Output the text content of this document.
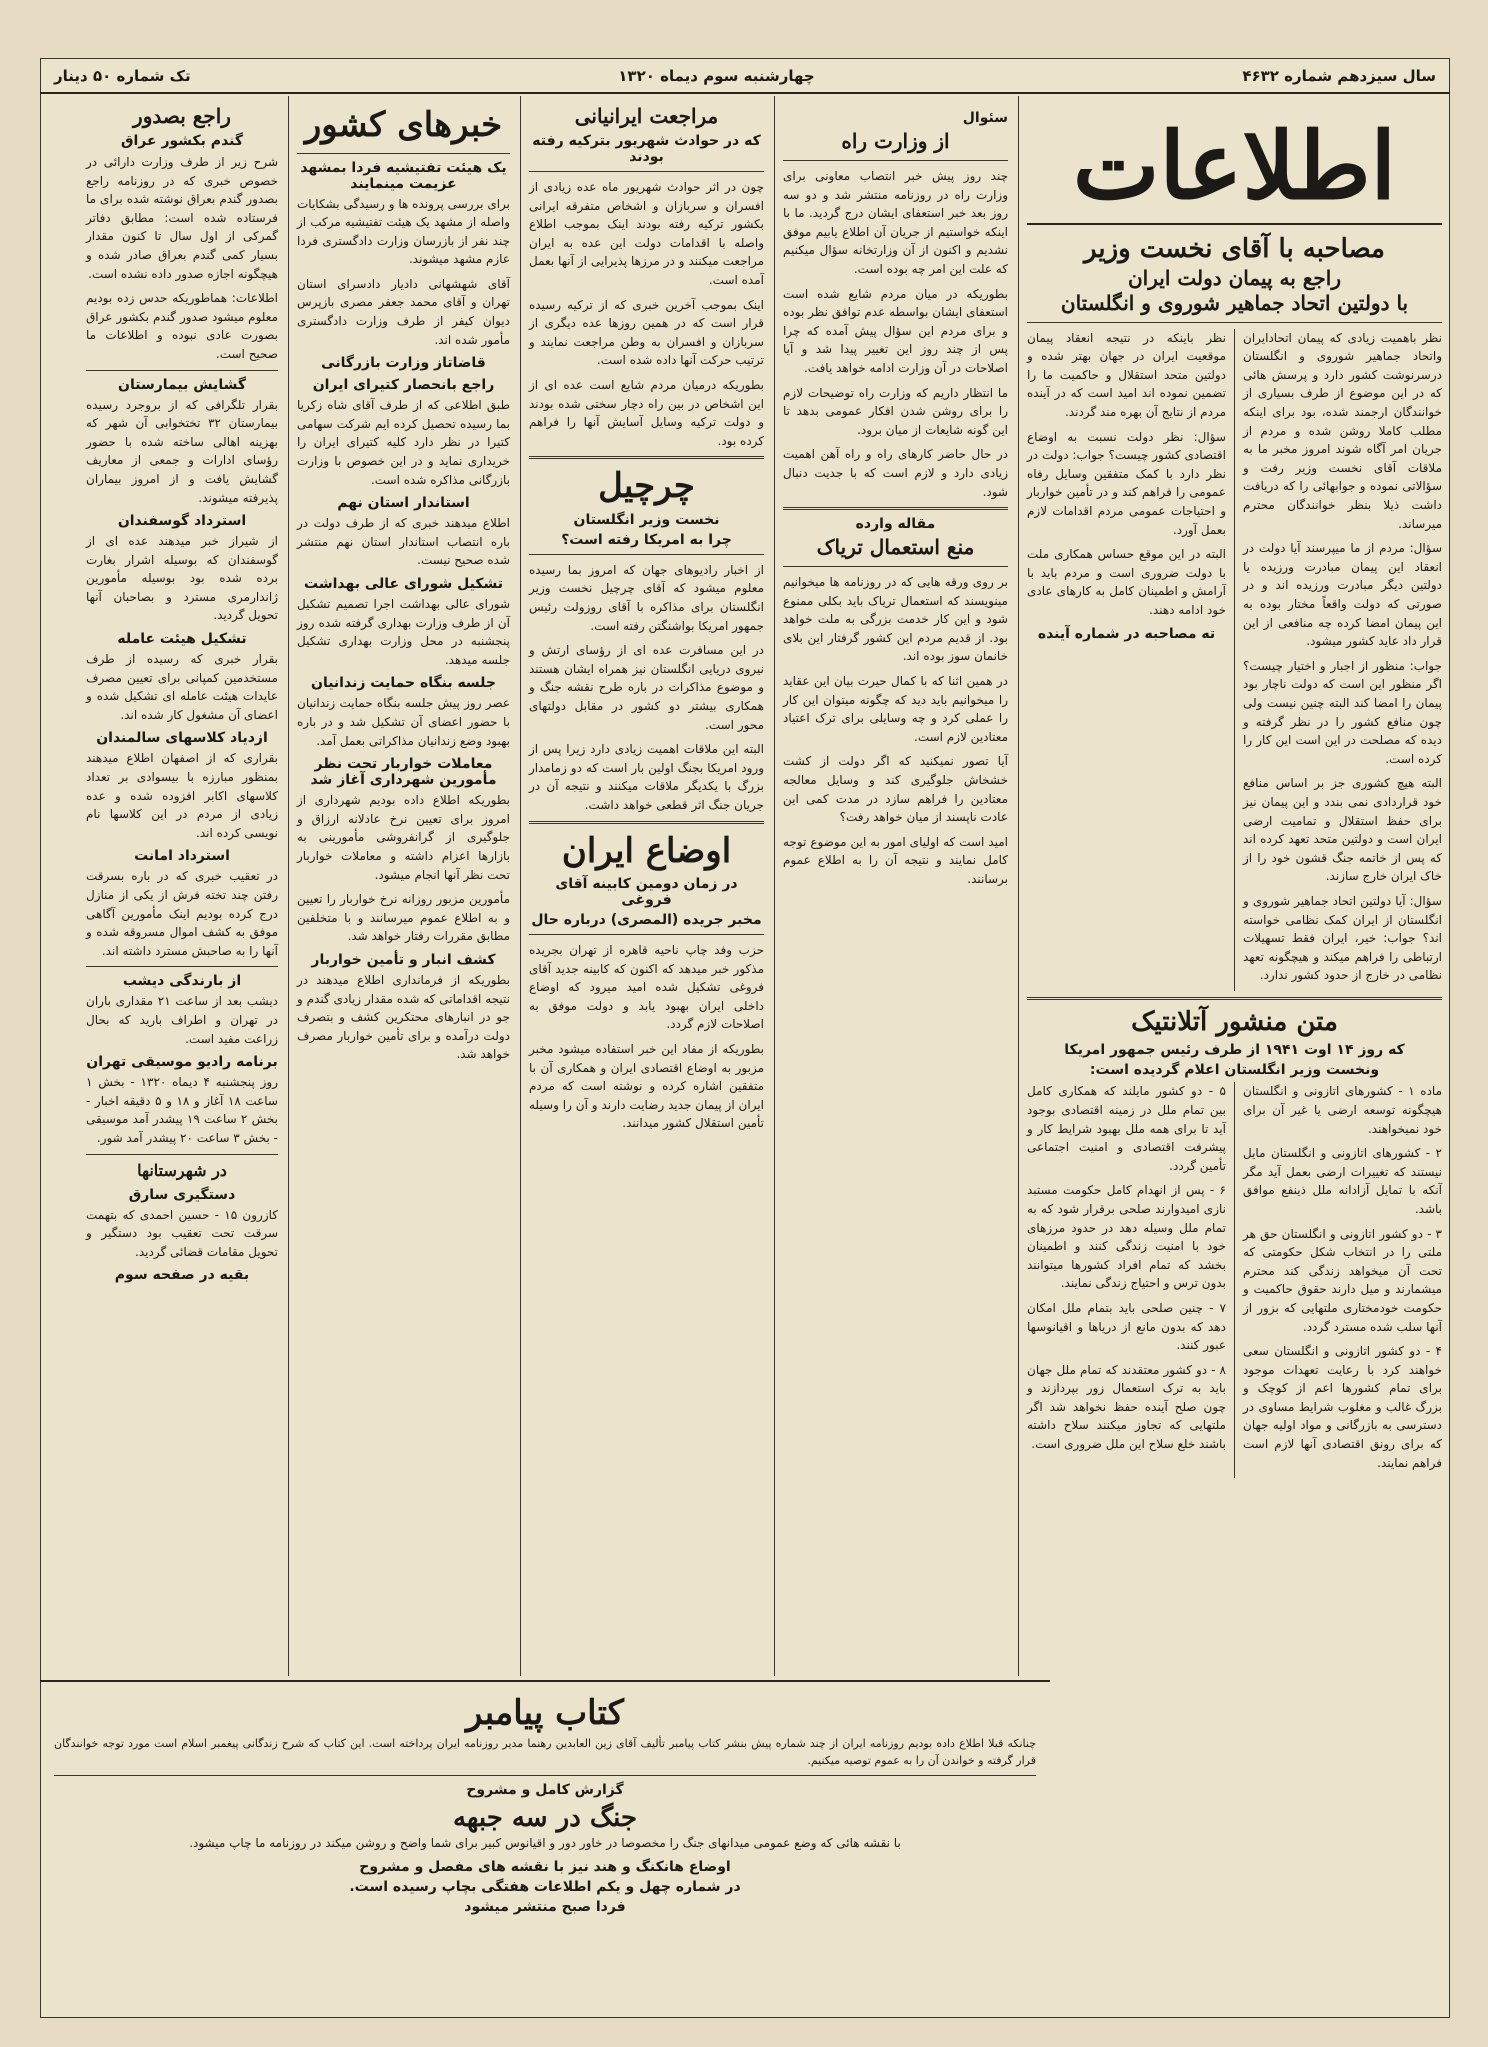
سال سیزدهم شماره ۴۶۳۲
چهارشنبه سوم دیماه ۱۳۲۰
تک شماره ۵۰ دینار
اطلاعات
مصاحبه با آقای نخست وزیر
راجع به پیمان دولت ایران
با دولتین اتحاد جماهیر شوروی و انگلستان

نظر باهمیت زیادی که پیمان اتحادایران واتحاد جماهیر شوروی و انگلستان درسرنوشت کشور دارد و پرسش هائی که در این موضوع از طرف بسیاری از خوانندگان ارجمند شده، بود برای اینکه مطلب کاملا روشن شده و مردم از جریان امر آگاه شوند امروز مخبر ما به ملاقات آقای نخست وزیر رفت و سؤالاتی نموده و جوابهائی را که دریافت داشت ذیلا بنظر خوانندگان محترم میرساند.

سؤال: مردم از ما میپرسند آیا دولت در انعقاد این پیمان مبادرت ورزیده یا دولتین دیگر مبادرت ورزیده اند و در صورتی که دولت واقعاً مختار بوده به این پیمان امضا کرده چه منافعی از این قرار داد عاید کشور میشود.

جواب: منظور از اجبار و اختیار چیست؟ اگر منظور این است که دولت ناچار بود پیمان را امضا کند البته چنین نیست ولی چون منافع کشور را در نظر گرفته و دیده که مصلحت در این است این کار را کرده است.

البته هیچ کشوری جز بر اساس منافع خود قراردادی نمی بندد و این پیمان نیز برای حفظ استقلال و تمامیت ارضی ایران است و دولتین متحد تعهد کرده اند که پس از خاتمه جنگ قشون خود را از خاک ایران خارج سازند.

سؤال: آیا دولتین اتحاد جماهیر شوروی و انگلستان از ایران کمک نظامی خواسته اند؟ جواب: خیر، ایران فقط تسهیلات ارتباطی را فراهم میکند و هیچگونه تعهد نظامی در خارج از حدود کشور ندارد.

نظر باینکه در نتیجه انعقاد پیمان موقعیت ایران در جهان بهتر شده و دولتین متحد استقلال و حاکمیت ما را تضمین نموده اند امید است که در آینده مردم از نتایج آن بهره مند گردند.

سؤال: نظر دولت نسبت به اوضاع اقتصادی کشور چیست؟ جواب: دولت در نظر دارد با کمک متفقین وسایل رفاه عمومی را فراهم کند و در تأمین خواربار و احتیاجات عمومی مردم اقدامات لازم بعمل آورد.

البته در این موقع حساس همکاری ملت با دولت ضروری است و مردم باید با آرامش و اطمینان کامل به کارهای عادی خود ادامه دهند.

ته مصاحبه در شماره آینده

متن منشور آتلانتیک
که روز ۱۴ اوت ۱۹۴۱ از طرف رئیس جمهور امریکا
ونخست وزیر انگلستان اعلام گردیده است:

ماده ۱ - کشورهای اتازونی و انگلستان هیچگونه توسعه ارضی یا غیر آن برای خود نمیخواهند.

۲ - کشورهای اتازونی و انگلستان مایل نیستند که تغییرات ارضی بعمل آید مگر آنکه با تمایل آزادانه ملل ذینفع موافق باشد.

۳ - دو کشور اتازونی و انگلستان حق هر ملتی را در انتخاب شکل حکومتی که تحت آن میخواهد زندگی کند محترم میشمارند و میل دارند حقوق حاکمیت و حکومت خودمختاری ملتهایی که بزور از آنها سلب شده مسترد گردد.

۴ - دو کشور اتازونی و انگلستان سعی خواهند کرد با رعایت تعهدات موجود برای تمام کشورها اعم از کوچک و بزرگ غالب و مغلوب شرایط مساوی در دسترسی به بازرگانی و مواد اولیه جهان که برای رونق اقتصادی آنها لازم است فراهم نمایند.

۵ - دو کشور مایلند که همکاری کامل بین تمام ملل در زمینه اقتصادی بوجود آید تا برای همه ملل بهبود شرایط کار و پیشرفت اقتصادی و امنیت اجتماعی تأمین گردد.

۶ - پس از انهدام کامل حکومت مستبد نازی امیدوارند صلحی برقرار شود که به تمام ملل وسیله دهد در حدود مرزهای خود با امنیت زندگی کنند و اطمینان بخشد که تمام افراد کشورها میتوانند بدون ترس و احتیاج زندگی نمایند.

۷ - چنین صلحی باید بتمام ملل امکان دهد که بدون مانع از دریاها و اقیانوسها عبور کنند.

۸ - دو کشور معتقدند که تمام ملل جهان باید به ترک استعمال زور بپردازند و چون صلح آینده حفظ نخواهد شد اگر ملتهایی که تجاوز میکنند سلاح داشته باشند خلع سلاح این ملل ضروری است.

سئوال
از وزارت راه

چند روز پیش خبر انتصاب معاونی برای وزارت راه در روزنامه منتشر شد و دو سه روز بعد خبر استعفای ایشان درج گردید. ما با اینکه خواستیم از جریان آن اطلاع یابیم موفق نشدیم و اکنون از آن وزارتخانه سؤال میکنیم که علت این امر چه بوده است.

بطوریکه در میان مردم شایع شده است استعفای ایشان بواسطه عدم توافق نظر بوده و برای مردم این سؤال پیش آمده که چرا پس از چند روز این تغییر پیدا شد و آیا اصلاحات در آن وزارت ادامه خواهد یافت.

ما انتظار داریم که وزارت راه توضیحات لازم را برای روشن شدن افکار عمومی بدهد تا این گونه شایعات از میان برود.

در حال حاضر کارهای راه و راه آهن اهمیت زیادی دارد و لازم است که با جدیت دنبال شود.

مقاله وارده
منع استعمال تریاک

بر روی ورقه هایی که در روزنامه ها میخوانیم مینویسند که استعمال تریاک باید بکلی ممنوع شود و این کار خدمت بزرگی به ملت خواهد بود. از قدیم مردم این کشور گرفتار این بلای خانمان سوز بوده اند.

در همین اثنا که با کمال حیرت بیان این عقاید را میخوانیم باید دید که چگونه میتوان این کار را عملی کرد و چه وسایلی برای ترک اعتیاد معتادین لازم است.

آیا تصور نمیکنید که اگر دولت از کشت خشخاش جلوگیری کند و وسایل معالجه معتادین را فراهم سازد در مدت کمی این عادت ناپسند از میان خواهد رفت؟

امید است که اولیای امور به این موضوع توجه کامل نمایند و نتیجه آن را به اطلاع عموم برسانند.

مراجعت ایرانیانی
که در حوادث شهریور بترکیه رفته بودند

چون در اثر حوادث شهریور ماه عده زیادی از افسران و سربازان و اشخاص متفرقه ایرانی بکشور ترکیه رفته بودند اینک بموجب اطلاع واصله با اقدامات دولت این عده به ایران مراجعت میکنند و در مرزها پذیرایی از آنها بعمل آمده است.

اینک بموجب آخرین خبری که از ترکیه رسیده قرار است که در همین روزها عده دیگری از سربازان و افسران به وطن مراجعت نمایند و ترتیب حرکت آنها داده شده است.

بطوریکه درمیان مردم شایع است عده ای از این اشخاص در بین راه دچار سختی شده بودند و دولت ترکیه وسایل آسایش آنها را فراهم کرده بود.

چرچیل
نخست وزیر انگلستان
چرا به امریکا رفته است؟

از اخبار رادیوهای جهان که امروز بما رسیده معلوم میشود که آقای چرچیل نخست وزیر انگلستان برای مذاکره با آقای روزولت رئیس جمهور امریکا بواشنگتن رفته است.

در این مسافرت عده ای از رؤسای ارتش و نیروی دریایی انگلستان نیز همراه ایشان هستند و موضوع مذاکرات در باره طرح نقشه جنگ و همکاری بیشتر دو کشور در مقابل دولتهای محور است.

البته این ملاقات اهمیت زیادی دارد زیرا پس از ورود امریکا بجنگ اولین بار است که دو زمامدار بزرگ با یکدیگر ملاقات میکنند و نتیجه آن در جریان جنگ اثر قطعی خواهد داشت.

اوضاع ایران
در زمان دومین کابینه آقای فروغی
مخبر جریده (المصری) درباره حال

حزب وفد چاپ ناحیه قاهره از تهران بجریده مذکور خبر میدهد که اکنون که کابینه جدید آقای فروغی تشکیل شده امید میرود که اوضاع داخلی ایران بهبود یابد و دولت موفق به اصلاحات لازم گردد.

بطوریکه از مفاد این خبر استفاده میشود مخبر مزبور به اوضاع اقتصادی ایران و همکاری آن با متفقین اشاره کرده و نوشته است که مردم ایران از پیمان جدید رضایت دارند و آن را وسیله تأمین استقلال کشور میدانند.

خبرهای کشور
یک هیئت تفتیشیه فردا بمشهد عزیمت مینمایند

برای بررسی پرونده ها و رسیدگی بشکایات واصله از مشهد یک هیئت تفتیشیه مرکب از چند نفر از بازرسان وزارت دادگستری فردا عازم مشهد میشوند.

آقای شهشهانی دادیار دادسرای استان تهران و آقای محمد جعفر مصری بازپرس دیوان کیفر از طرف وزارت دادگستری مأمور شده اند.

قاضاتاز وزارت بازرگانی
راجع بانحصار کتیرای ایران

طبق اطلاعی که از طرف آقای شاه زکریا بما رسیده تحصیل کرده ایم شرکت سهامی کتیرا در نظر دارد کلیه کتیرای ایران را خریداری نماید و در این خصوص با وزارت بازرگانی مذاکره شده است.

استاندار استان نهم

اطلاع میدهند خبری که از طرف دولت در باره انتصاب استاندار استان نهم منتشر شده صحیح نیست.

تشکیل شورای عالی بهداشت

شورای عالی بهداشت اجرا تصمیم تشکیل آن از طرف وزارت بهداری گرفته شده روز پنجشنبه در محل وزارت بهداری تشکیل جلسه میدهد.

جلسه بنگاه حمایت زندانیان

عصر روز پیش جلسه بنگاه حمایت زندانیان با حضور اعضای آن تشکیل شد و در باره بهبود وضع زندانیان مذاکراتی بعمل آمد.

معاملات خواربار تحت نظر مأمورین شهرداری آغاز شد

بطوریکه اطلاع داده بودیم شهرداری از امروز برای تعیین نرخ عادلانه ارزاق و جلوگیری از گرانفروشی مأمورینی به بازارها اعزام داشته و معاملات خواربار تحت نظر آنها انجام میشود.

مأمورین مزبور روزانه نرخ خواربار را تعیین و به اطلاع عموم میرسانند و با متخلفین مطابق مقررات رفتار خواهد شد.

کشف انبار و تأمین خواربار

بطوریکه از فرمانداری اطلاع میدهند در نتیجه اقداماتی که شده مقدار زیادی گندم و جو در انبارهای محتکرین کشف و بتصرف دولت درآمده و برای تأمین خواربار مصرف خواهد شد.

راجع بصدور
گندم بکشور عراق

شرح زیر از طرف وزارت دارائی در خصوص خبری که در روزنامه راجع بصدور گندم بعراق نوشته شده برای ما فرستاده شده است: مطابق دفاتر گمرکی از اول سال تا کنون مقدار بسیار کمی گندم بعراق صادر شده و هیچگونه اجازه صدور داده نشده است.

اطلاعات: هماطوریکه حدس زده بودیم معلوم میشود صدور گندم بکشور عراق بصورت عادی نبوده و اطلاعات ما صحیح است.

گشایش بیمارستان

بقرار تلگرافی که از بروجرد رسیده بیمارستان ۳۲ تختخوابی آن شهر که بهزینه اهالی ساخته شده با حضور رؤسای ادارات و جمعی از معاریف گشایش یافت و از امروز بیماران پذیرفته میشوند.

استرداد گوسفندان

از شیراز خبر میدهند عده ای از گوسفندان که بوسیله اشرار بغارت برده شده بود بوسیله مأمورین ژاندارمری مسترد و بصاحبان آنها تحویل گردید.

تشکیل هیئت عامله

بقرار خبری که رسیده از طرف مستخدمین کمپانی برای تعیین مصرف عایدات هیئت عامله ای تشکیل شده و اعضای آن مشغول کار شده اند.

ازدیاد کلاسهای سالمندان

بقراری که از اصفهان اطلاع میدهند بمنظور مبارزه با بیسوادی بر تعداد کلاسهای اکابر افزوده شده و عده زیادی از مردم در این کلاسها نام نویسی کرده اند.

استرداد امانت

در تعقیب خبری که در باره بسرقت رفتن چند تخته فرش از یکی از منازل درج کرده بودیم اینک مأمورین آگاهی موفق به کشف اموال مسروقه شده و آنها را به صاحبش مسترد داشته اند.

از بارندگی دیشب

دیشب بعد از ساعت ۲۱ مقداری باران در تهران و اطراف بارید که بحال زراعت مفید است.

برنامه رادیو موسیقی تهران

روز پنجشنبه ۴ دیماه ۱۳۲۰ - بخش ۱ ساعت ۱۸ آغاز و ۱۸ و ۵ دقیقه اخبار - بخش ۲ ساعت ۱۹ پیشدر آمد موسیقی - بخش ۳ ساعت ۲۰ پیشدر آمد شور.

در شهرستانها
دستگیری سارق

کازرون ۱۵ - حسین احمدی که بتهمت سرقت تحت تعقیب بود دستگیر و تحویل مقامات قضائی گردید.

بقیه در صفحه سوم
کتاب پیامبر

چنانکه قبلا اطلاع داده بودیم روزنامه ایران از چند شماره پیش بنشر کتاب پیامبر تألیف آقای زین العابدین رهنما مدیر روزنامه ایران پرداخته است. این کتاب که شرح زندگانی پیغمبر اسلام است مورد توجه خوانندگان قرار گرفته و خواندن آن را به عموم توصیه میکنیم.

گزارش کامل و مشروح
جنگ در سه جبهه

با نقشه هائی که وضع عمومی میدانهای جنگ را مخصوصا در خاور دور و اقیانوس کبیر برای شما واضح و روشن میکند در روزنامه ما چاپ میشود.

اوضاع هانکنگ و هند نیز با نقشه های مفصل و مشروح
در شماره چهل و یکم اطلاعات هفتگی بچاپ رسیده است.
فردا صبح منتشر میشود
